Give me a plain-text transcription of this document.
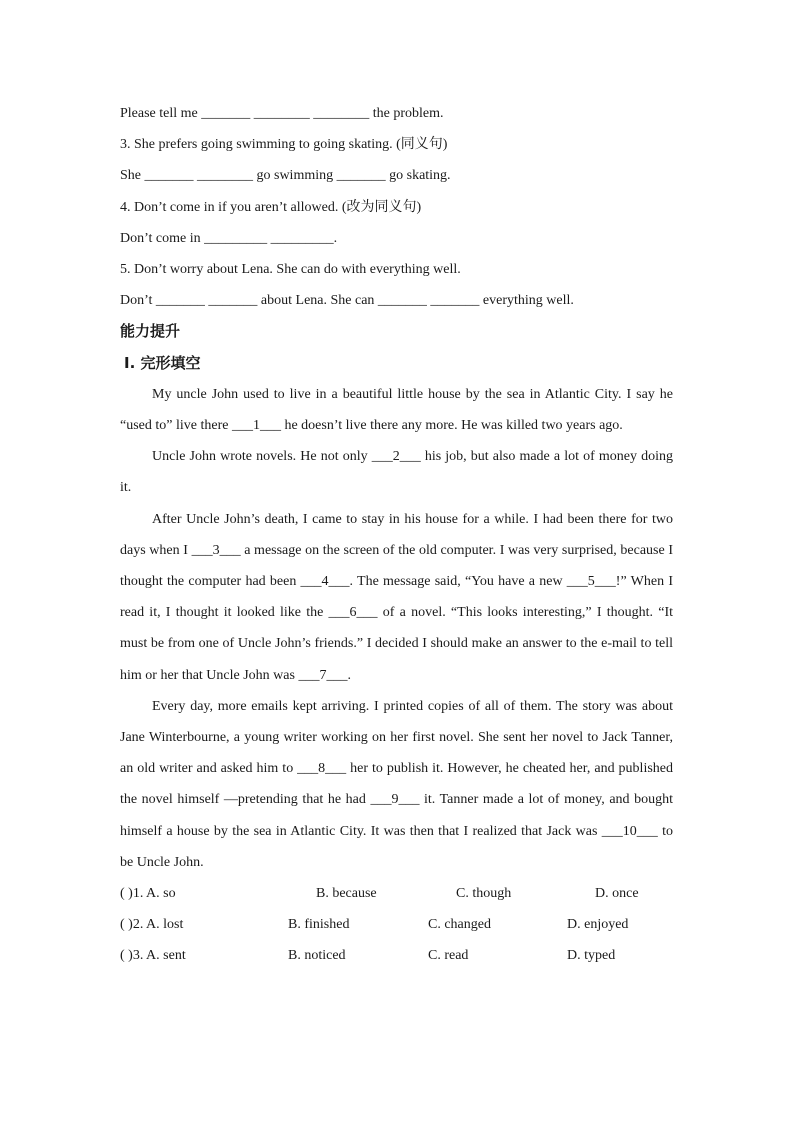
Please tell me _______ ________ ________ the problem.
3. She prefers going swimming to going skating. (同义句)
She _______ ________ go swimming _______ go skating.
4. Don’t come in if you aren’t allowed. (改为同义句)
Don’t come in _________ _________.
5. Don’t worry about Lena. She can do with everything well.
Don’t _______ _______ about Lena. She can _______ _______ everything well.
能力提升
Ⅰ. 完形填空

My uncle John used to live in a beautiful little house by the sea in Atlantic City. I say he “used to” live there ___1___ he doesn’t live there any more. He was killed two years ago.

Uncle John wrote novels. He not only ___2___ his job, but also made a lot of money doing it.

After Uncle John’s death, I came to stay in his house for a while. I had been there for two days when I ___3___ a message on the screen of the old computer. I was very surprised, because I thought the computer had been ___4___. The message said, “You have a new ___5___!” When I read it, I thought it looked like the ___6___ of a novel. “This looks interesting,” I thought. “It must be from one of Uncle John’s friends.” I decided I should make an answer to the e-mail to tell him or her that Uncle John was ___7___.

Every day, more emails kept arriving. I printed copies of all of them. The story was about Jane Winterbourne, a young writer working on her first novel. She sent her novel to Jack Tanner, an old writer and asked him to ___8___ her to publish it. However, he cheated her, and published the novel himself —pretending that he had ___9___ it. Tanner made a lot of money, and bought himself a house by the sea in Atlantic City. It was then that I realized that Jack was ___10___ to be Uncle John.

( )1. A. so	B. because	C. though	D. once
( )2. A. lost	B. finished	C. changed	D. enjoyed
( )3. A. sent	B. noticed	C. read	D. typed
